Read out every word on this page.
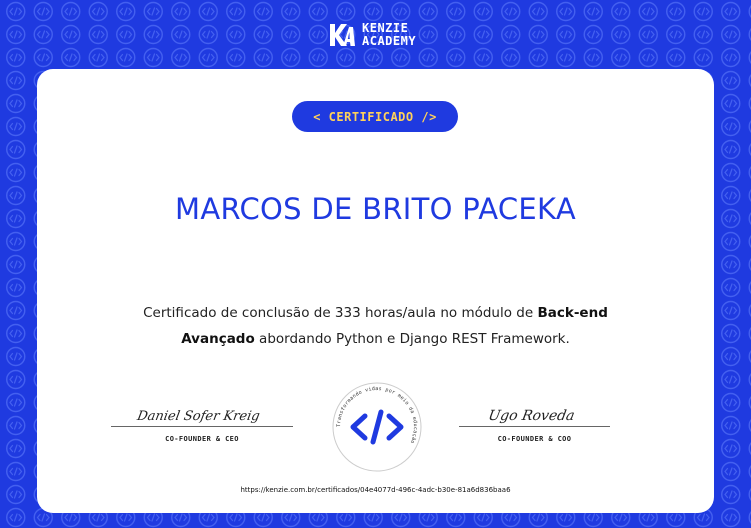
KENZIE
ACADEMY
< CERTIFICADO />
MARCOS DE BRITO PACEKA
Certificado de conclusão de 333 horas/aula no módulo de Back-end Avançado abordando Python e Django REST Framework.
Daniel Sofer Kreig
CO-FOUNDER & CEO
Ugo Roveda
CO-FOUNDER & COO
Transformando vidas por meio da educação
https://kenzie.com.br/certificados/04e4077d-496c-4adc-b30e-81a6d836baa6
